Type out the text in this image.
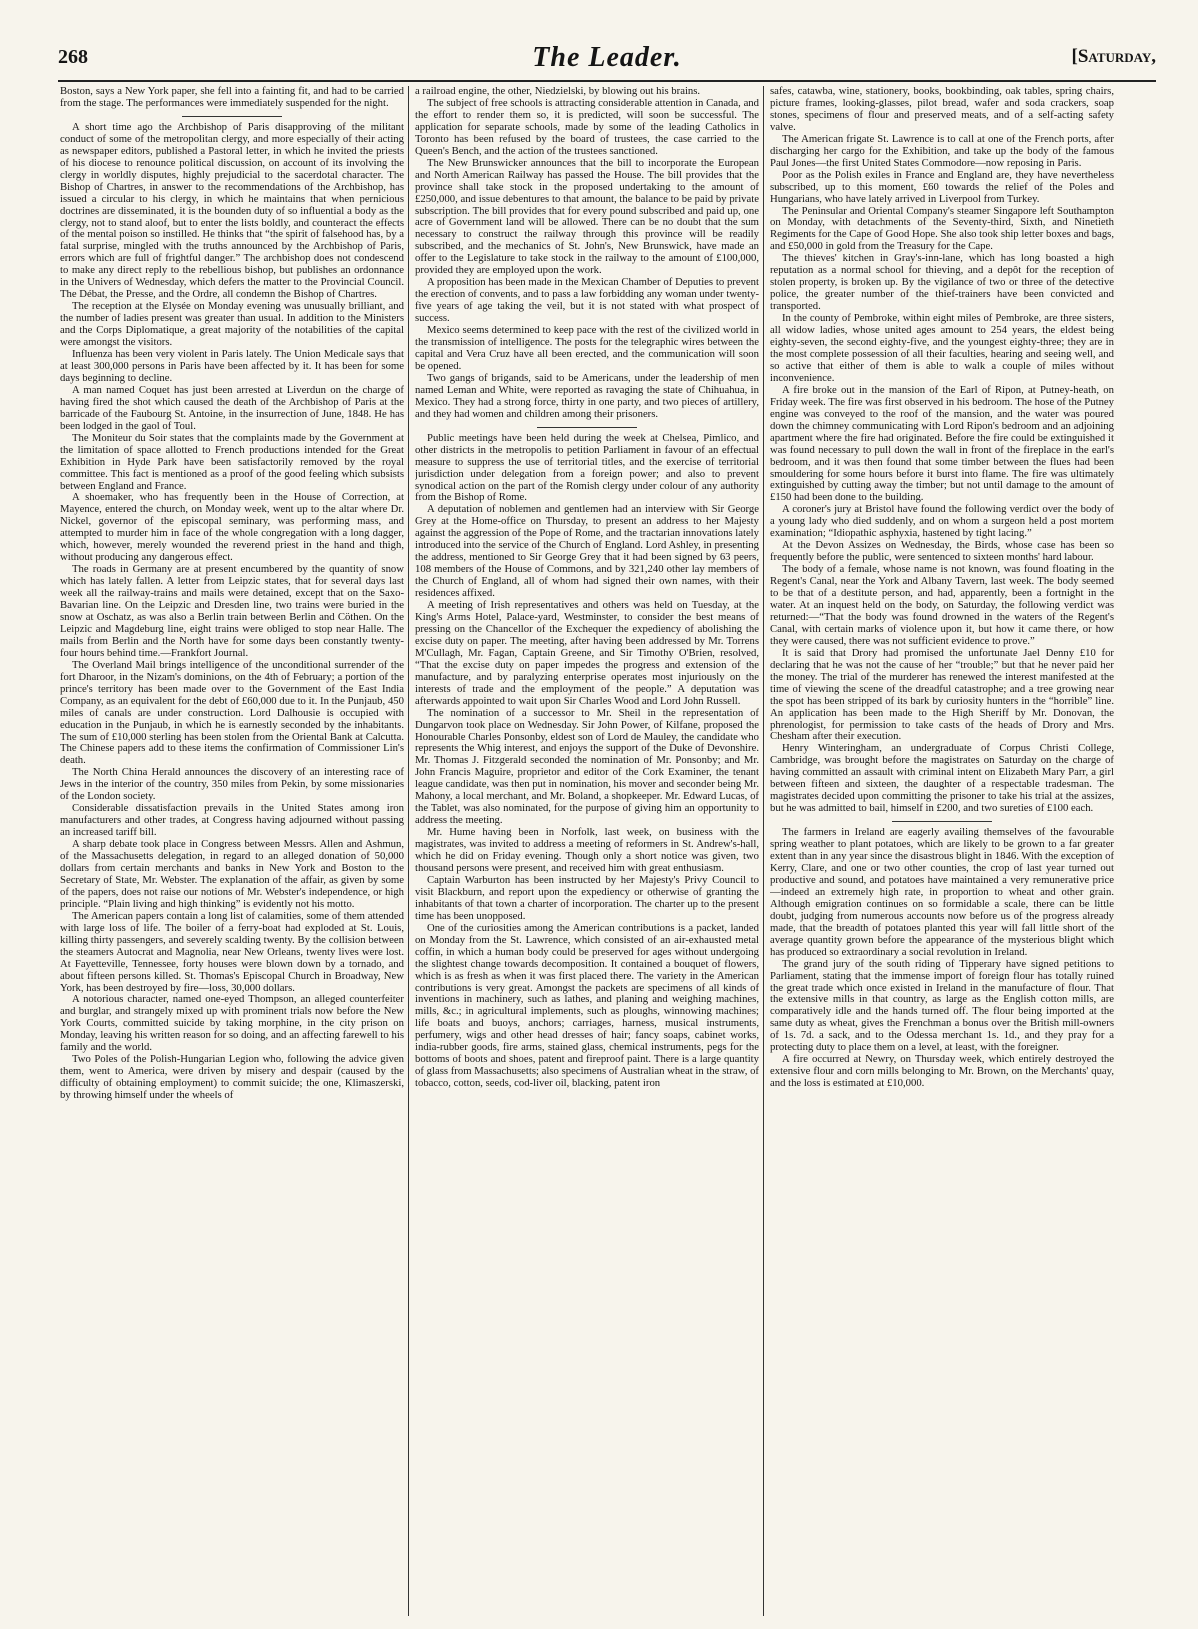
268	The Leader.	[Saturday,

Boston, says a New York paper, she fell into a fainting fit, and had to be carried from the stage. The performances were immediately suspended for the night.

A short time ago the Archbishop of Paris disapproving of the militant conduct of some of the metropolitan clergy, and more especially of their acting as newspaper editors, published a Pastoral letter, in which he invited the priests of his diocese to renounce political discussion, on account of its involving the clergy in worldly disputes, highly prejudicial to the sacerdotal character. The Bishop of Chartres, in answer to the recommendations of the Archbishop, has issued a circular to his clergy, in which he maintains that when pernicious doctrines are disseminated, it is the bounden duty of so influential a body as the clergy, not to stand aloof, but to enter the lists boldly, and counteract the effects of the mental poison so instilled. He thinks that “the spirit of falsehood has, by a fatal surprise, mingled with the truths announced by the Archbishop of Paris, errors which are full of frightful danger.” The archbishop does not condescend to make any direct reply to the rebellious bishop, but publishes an ordonnance in the Univers of Wednesday, which defers the matter to the Provincial Council. The Débat, the Presse, and the Ordre, all condemn the Bishop of Chartres.

The reception at the Elysée on Monday evening was unusually brilliant, and the number of ladies present was greater than usual. In addition to the Ministers and the Corps Diplomatique, a great majority of the notabilities of the capital were amongst the visitors.

Influenza has been very violent in Paris lately. The Union Medicale says that at least 300,000 persons in Paris have been affected by it. It has been for some days beginning to decline.

A man named Coquet has just been arrested at Liverdun on the charge of having fired the shot which caused the death of the Archbishop of Paris at the barricade of the Faubourg St. Antoine, in the insurrection of June, 1848. He has been lodged in the gaol of Toul.

The Moniteur du Soir states that the complaints made by the Government at the limitation of space allotted to French productions intended for the Great Exhibition in Hyde Park have been satisfactorily removed by the royal committee. This fact is mentioned as a proof of the good feeling which subsists between England and France.

A shoemaker, who has frequently been in the House of Correction, at Mayence, entered the church, on Monday week, went up to the altar where Dr. Nickel, governor of the episcopal seminary, was performing mass, and attempted to murder him in face of the whole congregation with a long dagger, which, however, merely wounded the reverend priest in the hand and thigh, without producing any dangerous effect.

The roads in Germany are at present encumbered by the quantity of snow which has lately fallen. A letter from Leipzic states, that for several days last week all the railway-trains and mails were detained, except that on the Saxo-Bavarian line. On the Leipzic and Dresden line, two trains were buried in the snow at Oschatz, as was also a Berlin train between Berlin and Cöthen. On the Leipzic and Magdeburg line, eight trains were obliged to stop near Halle. The mails from Berlin and the North have for some days been constantly twenty-four hours behind time.—Frankfort Journal.

The Overland Mail brings intelligence of the unconditional surrender of the fort Dharoor, in the Nizam's dominions, on the 4th of February; a portion of the prince's territory has been made over to the Government of the East India Company, as an equivalent for the debt of £60,000 due to it. In the Punjaub, 450 miles of canals are under construction. Lord Dalhousie is occupied with education in the Punjaub, in which he is earnestly seconded by the inhabitants. The sum of £10,000 sterling has been stolen from the Oriental Bank at Calcutta. The Chinese papers add to these items the confirmation of Commissioner Lin's death.

The North China Herald announces the discovery of an interesting race of Jews in the interior of the country, 350 miles from Pekin, by some missionaries of the London society.

Considerable dissatisfaction prevails in the United States among iron manufacturers and other trades, at Congress having adjourned without passing an increased tariff bill.

A sharp debate took place in Congress between Messrs. Allen and Ashmun, of the Massachusetts delegation, in regard to an alleged donation of 50,000 dollars from certain merchants and banks in New York and Boston to the Secretary of State, Mr. Webster. The explanation of the affair, as given by some of the papers, does not raise our notions of Mr. Webster's independence, or high principle. “Plain living and high thinking” is evidently not his motto.

The American papers contain a long list of calamities, some of them attended with large loss of life. The boiler of a ferry-boat had exploded at St. Louis, killing thirty passengers, and severely scalding twenty. By the collision between the steamers Autocrat and Magnolia, near New Orleans, twenty lives were lost. At Fayetteville, Tennessee, forty houses were blown down by a tornado, and about fifteen persons killed. St. Thomas's Episcopal Church in Broadway, New York, has been destroyed by fire—loss, 30,000 dollars.

A notorious character, named one-eyed Thompson, an alleged counterfeiter and burglar, and strangely mixed up with prominent trials now before the New York Courts, committed suicide by taking morphine, in the city prison on Monday, leaving his written reason for so doing, and an affecting farewell to his family and the world.

Two Poles of the Polish-Hungarian Legion who, following the advice given them, went to America, were driven by misery and despair (caused by the difficulty of obtaining employment) to commit suicide; the one, Klimaszerski, by throwing himself under the wheels of

a railroad engine, the other, Niedzielski, by blowing out his brains.

The subject of free schools is attracting considerable attention in Canada, and the effort to render them so, it is predicted, will soon be successful. The application for separate schools, made by some of the leading Catholics in Toronto has been refused by the board of trustees, the case carried to the Queen's Bench, and the action of the trustees sanctioned.

The New Brunswicker announces that the bill to incorporate the European and North American Railway has passed the House. The bill provides that the province shall take stock in the proposed undertaking to the amount of £250,000, and issue debentures to that amount, the balance to be paid by private subscription. The bill provides that for every pound subscribed and paid up, one acre of Government land will be allowed. There can be no doubt that the sum necessary to construct the railway through this province will be readily subscribed, and the mechanics of St. John's, New Brunswick, have made an offer to the Legislature to take stock in the railway to the amount of £100,000, provided they are employed upon the work.

A proposition has been made in the Mexican Chamber of Deputies to prevent the erection of convents, and to pass a law forbidding any woman under twenty-five years of age taking the veil, but it is not stated with what prospect of success.

Mexico seems determined to keep pace with the rest of the civilized world in the transmission of intelligence. The posts for the telegraphic wires between the capital and Vera Cruz have all been erected, and the communication will soon be opened.

Two gangs of brigands, said to be Americans, under the leadership of men named Leman and White, were reported as ravaging the state of Chihuahua, in Mexico. They had a strong force, thirty in one party, and two pieces of artillery, and they had women and children among their prisoners.

Public meetings have been held during the week at Chelsea, Pimlico, and other districts in the metropolis to petition Parliament in favour of an effectual measure to suppress the use of territorial titles, and the exercise of territorial jurisdiction under delegation from a foreign power; and also to prevent synodical action on the part of the Romish clergy under colour of any authority from the Bishop of Rome.

A deputation of noblemen and gentlemen had an interview with Sir George Grey at the Home-office on Thursday, to present an address to her Majesty against the aggression of the Pope of Rome, and the tractarian innovations lately introduced into the service of the Church of England. Lord Ashley, in presenting the address, mentioned to Sir George Grey that it had been signed by 63 peers, 108 members of the House of Commons, and by 321,240 other lay members of the Church of England, all of whom had signed their own names, with their residences affixed.

A meeting of Irish representatives and others was held on Tuesday, at the King's Arms Hotel, Palace-yard, Westminster, to consider the best means of pressing on the Chancellor of the Exchequer the expediency of abolishing the excise duty on paper. The meeting, after having been addressed by Mr. Torrens M'Cullagh, Mr. Fagan, Captain Greene, and Sir Timothy O'Brien, resolved, “That the excise duty on paper impedes the progress and extension of the manufacture, and by paralyzing enterprise operates most injuriously on the interests of trade and the employment of the people.” A deputation was afterwards appointed to wait upon Sir Charles Wood and Lord John Russell.

The nomination of a successor to Mr. Sheil in the representation of Dungarvon took place on Wednesday. Sir John Power, of Kilfane, proposed the Honourable Charles Ponsonby, eldest son of Lord de Mauley, the candidate who represents the Whig interest, and enjoys the support of the Duke of Devonshire. Mr. Thomas J. Fitzgerald seconded the nomination of Mr. Ponsonby; and Mr. John Francis Maguire, proprietor and editor of the Cork Examiner, the tenant league candidate, was then put in nomination, his mover and seconder being Mr. Mahony, a local merchant, and Mr. Boland, a shopkeeper. Mr. Edward Lucas, of the Tablet, was also nominated, for the purpose of giving him an opportunity to address the meeting.

Mr. Hume having been in Norfolk, last week, on business with the magistrates, was invited to address a meeting of reformers in St. Andrew's-hall, which he did on Friday evening. Though only a short notice was given, two thousand persons were present, and received him with great enthusiasm.

Captain Warburton has been instructed by her Majesty's Privy Council to visit Blackburn, and report upon the expediency or otherwise of granting the inhabitants of that town a charter of incorporation. The charter up to the present time has been unopposed.

One of the curiosities among the American contributions is a packet, landed on Monday from the St. Lawrence, which consisted of an air-exhausted metal coffin, in which a human body could be preserved for ages without undergoing the slightest change towards decomposition. It contained a bouquet of flowers, which is as fresh as when it was first placed there. The variety in the American contributions is very great. Amongst the packets are specimens of all kinds of inventions in machinery, such as lathes, and planing and weighing machines, mills, &c.; in agricultural implements, such as ploughs, winnowing machines; life boats and buoys, anchors; carriages, harness, musical instruments, perfumery, wigs and other head dresses of hair; fancy soaps, cabinet works, india-rubber goods, fire arms, stained glass, chemical instruments, pegs for the bottoms of boots and shoes, patent and fireproof paint. There is a large quantity of glass from Massachusetts; also specimens of Australian wheat in the straw, of tobacco, cotton, seeds, cod-liver oil, blacking, patent iron

safes, catawba, wine, stationery, books, bookbinding, oak tables, spring chairs, picture frames, looking-glasses, pilot bread, wafer and soda crackers, soap stones, specimens of flour and preserved meats, and of a self-acting safety valve.

The American frigate St. Lawrence is to call at one of the French ports, after discharging her cargo for the Exhibition, and take up the body of the famous Paul Jones—the first United States Commodore—now reposing in Paris.

Poor as the Polish exiles in France and England are, they have nevertheless subscribed, up to this moment, £60 towards the relief of the Poles and Hungarians, who have lately arrived in Liverpool from Turkey.

The Peninsular and Oriental Company's steamer Singapore left Southampton on Monday, with detachments of the Seventy-third, Sixth, and Ninetieth Regiments for the Cape of Good Hope. She also took ship letter boxes and bags, and £50,000 in gold from the Treasury for the Cape.

The thieves' kitchen in Gray's-inn-lane, which has long boasted a high reputation as a normal school for thieving, and a depôt for the reception of stolen property, is broken up. By the vigilance of two or three of the detective police, the greater number of the thief-trainers have been convicted and transported.

In the county of Pembroke, within eight miles of Pembroke, are three sisters, all widow ladies, whose united ages amount to 254 years, the eldest being eighty-seven, the second eighty-five, and the youngest eighty-three; they are in the most complete possession of all their faculties, hearing and seeing well, and so active that either of them is able to walk a couple of miles without inconvenience.

A fire broke out in the mansion of the Earl of Ripon, at Putney-heath, on Friday week. The fire was first observed in his bedroom. The hose of the Putney engine was conveyed to the roof of the mansion, and the water was poured down the chimney communicating with Lord Ripon's bedroom and an adjoining apartment where the fire had originated. Before the fire could be extinguished it was found necessary to pull down the wall in front of the fireplace in the earl's bedroom, and it was then found that some timber between the flues had been smouldering for some hours before it burst into flame. The fire was ultimately extinguished by cutting away the timber; but not until damage to the amount of £150 had been done to the building.

A coroner's jury at Bristol have found the following verdict over the body of a young lady who died suddenly, and on whom a surgeon held a post mortem examination; “Idiopathic asphyxia, hastened by tight lacing.”

At the Devon Assizes on Wednesday, the Birds, whose case has been so frequently before the public, were sentenced to sixteen months' hard labour.

The body of a female, whose name is not known, was found floating in the Regent's Canal, near the York and Albany Tavern, last week. The body seemed to be that of a destitute person, and had, apparently, been a fortnight in the water. At an inquest held on the body, on Saturday, the following verdict was returned:—“That the body was found drowned in the waters of the Regent's Canal, with certain marks of violence upon it, but how it came there, or how they were caused, there was not sufficient evidence to prove.”

It is said that Drory had promised the unfortunate Jael Denny £10 for declaring that he was not the cause of her “trouble;” but that he never paid her the money. The trial of the murderer has renewed the interest manifested at the time of viewing the scene of the dreadful catastrophe; and a tree growing near the spot has been stripped of its bark by curiosity hunters in the “horrible” line. An application has been made to the High Sheriff by Mr. Donovan, the phrenologist, for permission to take casts of the heads of Drory and Mrs. Chesham after their execution.

Henry Winteringham, an undergraduate of Corpus Christi College, Cambridge, was brought before the magistrates on Saturday on the charge of having committed an assault with criminal intent on Elizabeth Mary Parr, a girl between fifteen and sixteen, the daughter of a respectable tradesman. The magistrates decided upon committing the prisoner to take his trial at the assizes, but he was admitted to bail, himself in £200, and two sureties of £100 each.

The farmers in Ireland are eagerly availing themselves of the favourable spring weather to plant potatoes, which are likely to be grown to a far greater extent than in any year since the disastrous blight in 1846. With the exception of Kerry, Clare, and one or two other counties, the crop of last year turned out productive and sound, and potatoes have maintained a very remunerative price—indeed an extremely high rate, in proportion to wheat and other grain. Although emigration continues on so formidable a scale, there can be little doubt, judging from numerous accounts now before us of the progress already made, that the breadth of potatoes planted this year will fall little short of the average quantity grown before the appearance of the mysterious blight which has produced so extraordinary a social revolution in Ireland.

The grand jury of the south riding of Tipperary have signed petitions to Parliament, stating that the immense import of foreign flour has totally ruined the great trade which once existed in Ireland in the manufacture of flour. That the extensive mills in that country, as large as the English cotton mills, are comparatively idle and the hands turned off. The flour being imported at the same duty as wheat, gives the Frenchman a bonus over the British mill-owners of 1s. 7d. a sack, and to the Odessa merchant 1s. 1d., and they pray for a protecting duty to place them on a level, at least, with the foreigner.

A fire occurred at Newry, on Thursday week, which entirely destroyed the extensive flour and corn mills belonging to Mr. Brown, on the Merchants' quay, and the loss is estimated at £10,000.
